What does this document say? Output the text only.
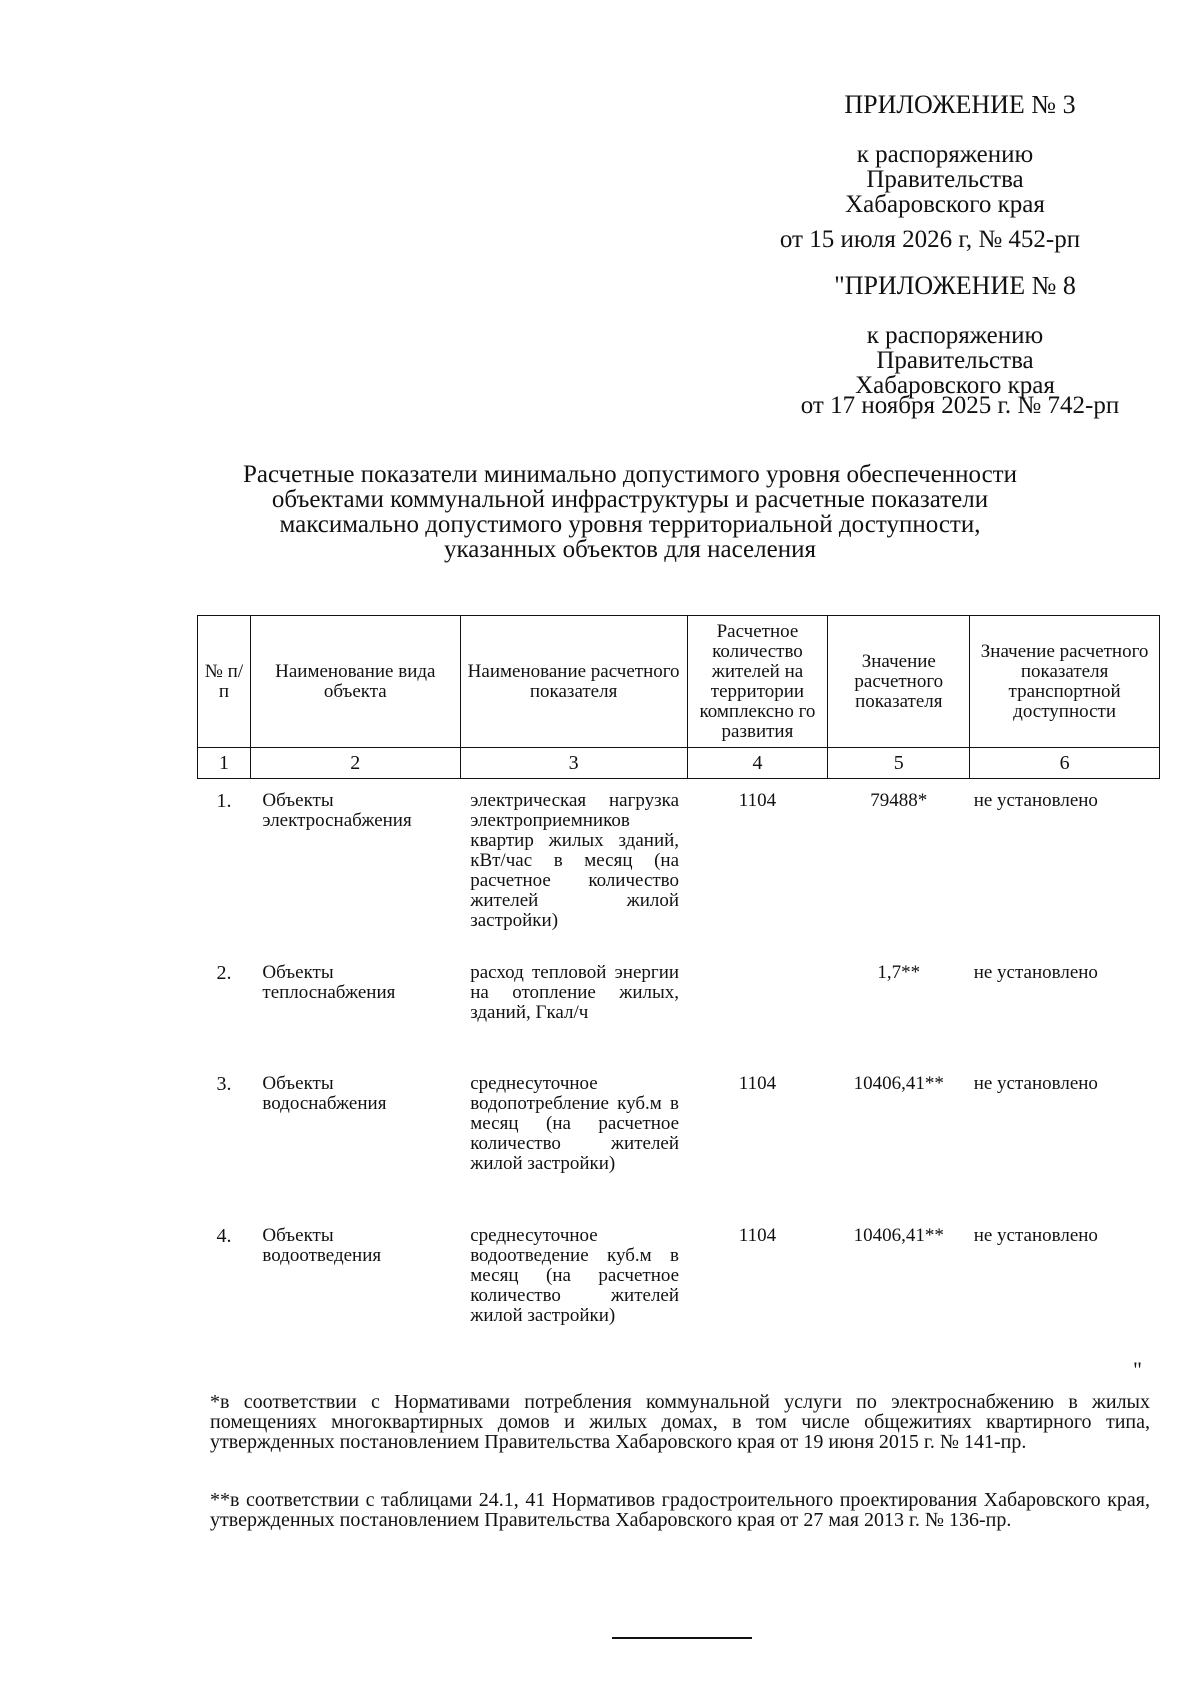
ПРИЛОЖЕНИЕ № 3
к распоряжению
Правительства
Хабаровского края
от 15 июля 2026 г, № 452-рп
"ПРИЛОЖЕНИЕ № 8
к распоряжению
Правительства
Хабаровского края
от 17 ноября 2025 г. № 742-рп
Расчетные показатели минимально допустимого уровня обеспеченности
объектами коммунальной инфраструктуры и расчетные показатели
максимально допустимого уровня территориальной доступности,
указанных объектов для населения
№ п/п	Наименование вида объекта	Наименование расчетного показателя	Расчетное количество жителей на территории комплексно го развития	Значение расчетного показателя	Значение расчетного показателя транспортной доступности
1	2	3	4	5	6
1.	Объекты электроснабжения	электрическая нагрузка электроприемников квартир жилых зданий, кВт/час в месяц (на расчетное количество жителей жилой застройки)	1104	79488*	не установлено
2.	Объекты теплоснабжения	расход тепловой энергии на отопление жилых, зданий, Гкал/ч		1,7**	не установлено
3.	Объекты водоснабжения	среднесуточное водопотребление куб.м в месяц (на расчетное количество жителей жилой застройки)	1104	10406,41**	не установлено
4.	Объекты водоотведения	среднесуточное водоотведение куб.м в месяц (на расчетное количество жителей жилой застройки)	1104	10406,41**	не установлено
"
*в соответствии с Нормативами потребления коммунальной услуги по электроснабжению в жилых помещениях многоквартирных домов и жилых домах, в том числе общежитиях квартирного типа, утвержденных постановлением Правительства Хабаровского края от 19 июня 2015 г. № 141-пр.
**в соответствии с таблицами 24.1, 41 Нормативов градостроительного проектирования Хабаровского края, утвержденных постановлением Правительства Хабаровского края от 27 мая 2013 г. № 136-пр.
